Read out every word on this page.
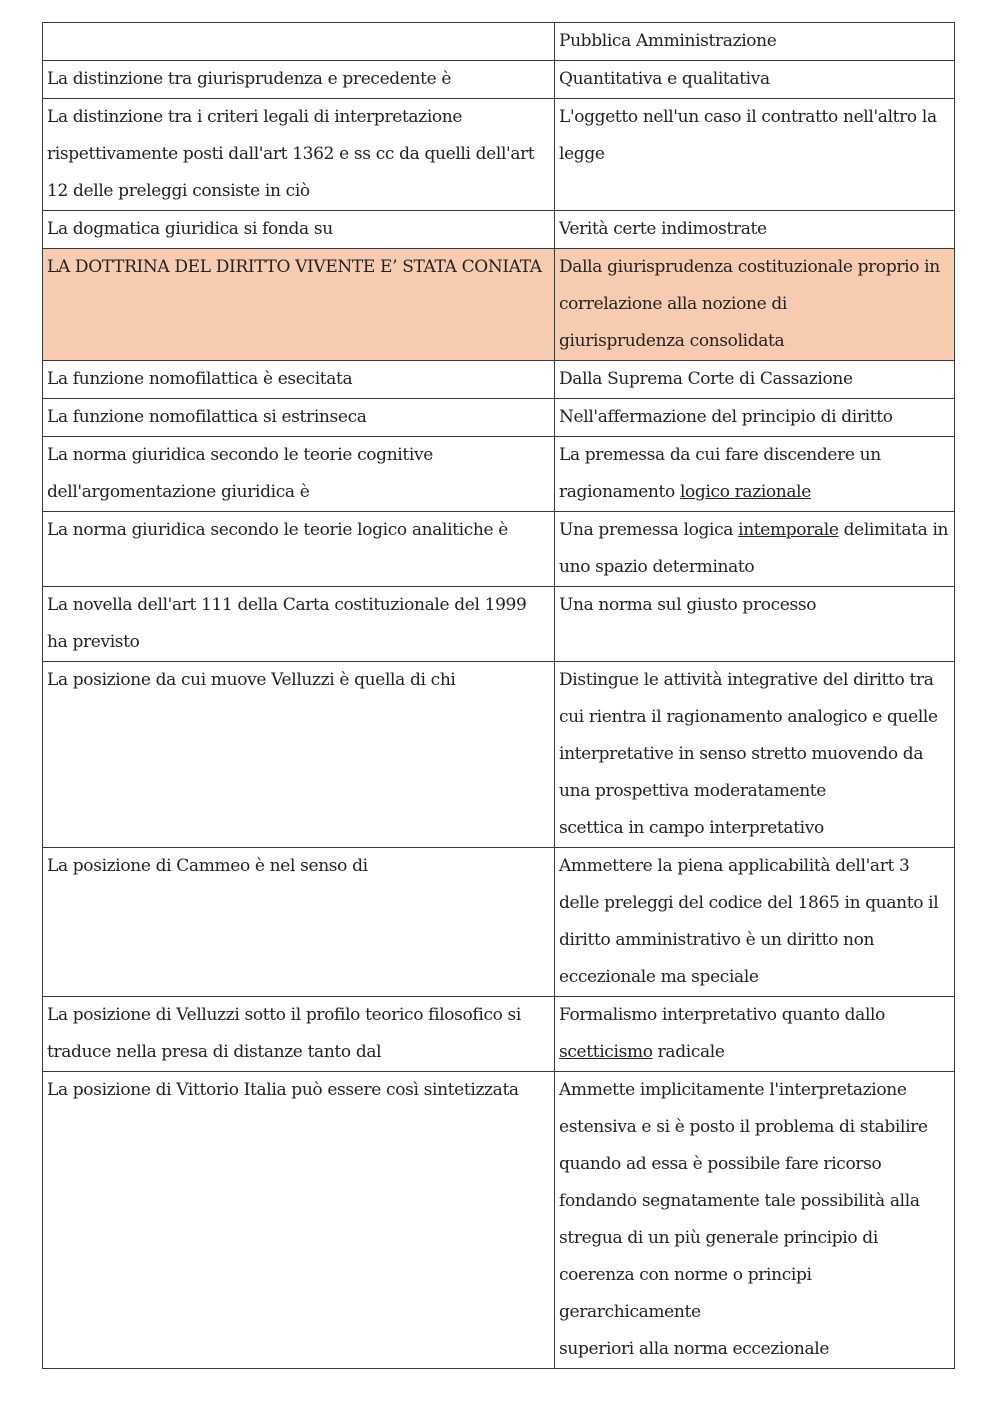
	Pubblica Amministrazione
La distinzione tra giurisprudenza e precedente è	Quantitativa e qualitativa
La distinzione tra i criteri legali di interpretazione rispettivamente posti dall'art 1362 e ss cc da quelli dell'art 12 delle preleggi consiste in ciò	L'oggetto nell'un caso il contratto nell'altro la legge
La dogmatica giuridica si fonda su	Verità certe indimostrate
LA DOTTRINA DEL DIRITTO VIVENTE E’ STATA CONIATA	Dalla giurisprudenza costituzionale proprio in correlazione alla nozione di
giurisprudenza consolidata

La funzione nomofilattica è esecitata	Dalla Suprema Corte di Cassazione
La funzione nomofilattica si estrinseca	Nell'affermazione del principio di diritto
La norma giuridica secondo le teorie cognitive dell'argomentazione giuridica è	La premessa da cui fare discendere un ragionamento logico razionale
La norma giuridica secondo le teorie logico analitiche è	Una premessa logica intemporale delimitata in uno spazio determinato
La novella dell'art 111 della Carta costituzionale del 1999 ha previsto	Una norma sul giusto processo
La posizione da cui muove Velluzzi è quella di chi	Distingue le attività integrative del diritto tra cui rientra il ragionamento analogico e quelle interpretative in senso stretto muovendo da una prospettiva moderatamente
scettica in campo interpretativo

La posizione di Cammeo è nel senso di	Ammettere la piena applicabilità dell'art 3 delle preleggi del codice del 1865 in quanto il
diritto amministrativo è un diritto non eccezionale ma speciale

La posizione di Velluzzi sotto il profilo teorico filosofico si traduce nella presa di distanze tanto dal	Formalismo interpretativo quanto dallo scetticismo radicale
La posizione di Vittorio Italia può essere così sintetizzata	Ammette implicitamente l'interpretazione estensiva e si è posto il problema di stabilire quando ad essa è possibile fare ricorso fondando segnatamente tale possibilità alla stregua di un più generale principio di coerenza con norme o principi gerarchicamente
superiori alla norma eccezionale
